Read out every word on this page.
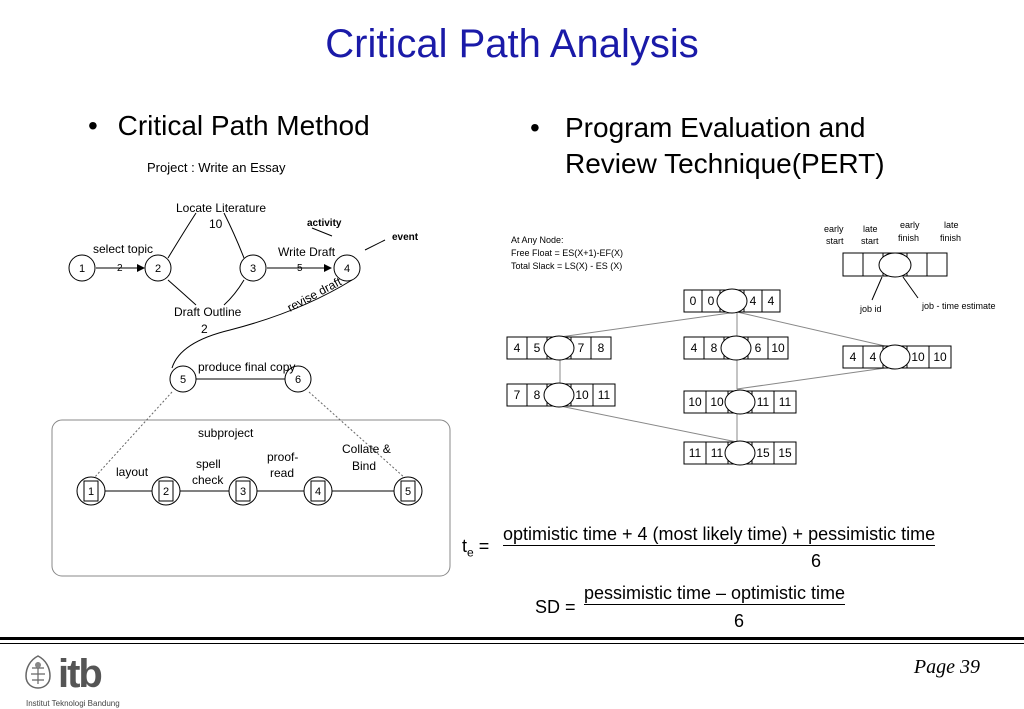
Critical Path Analysis
• Critical Path Method	• Program Evaluation and
Review Technique(PERT)
Project : Write an Essay
2	5
1	2	3	4
5	6
Locate Literature
10	activity
event
select topic	Write Draft
Draft Outline
2
revise draft
produce final copy
subproject
layout
spell
check
proof-
read
Collate &
Bind
1	2	3	4	5
At Any Node:
Free Float = ES(X+1)-EF(X)
Total Slack = LS(X) - ES (X)
early
start
late
start
early
finish
late
finish
job id	job - time estimate
0 0	4 4
4 5	7 8	4 8	6 10
4 4	10 10
7 8	10 11	10 10	11 11
11 11	15 15
$t_e$ =
optimistic time + 4 (most likely time) + pessimistic time
6
SD =
pessimistic time – optimistic time
6
itb
Institut Teknologi Bandung
Page 39
